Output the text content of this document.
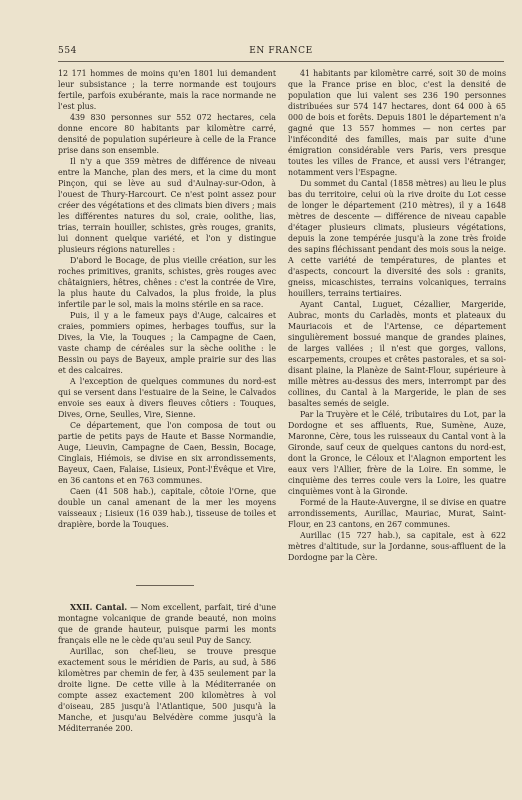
554	EN FRANCE

12 171 hommes de moins qu'en 1801 lui demandent leur subsistance ; la terre normande est toujours fertile, parfois exubérante, mais la race normande ne l'est plus.

439 830 personnes sur 552 072 hectares, cela donne encore 80 habitants par kilomètre carré, densité de population supérieure à celle de la France prise dans son ensemble.

Il n'y a que 359 mètres de différence de niveau entre la Manche, plan des mers, et la cime du mont Pinçon, qui se lève au sud d'Aulnay-sur-Odon, à l'ouest de Thury-Harcourt. Ce n'est point assez pour créer des végétations et des climats bien divers ; mais les différentes natures du sol, craie, oolithe, lias, trias, terrain houiller, schistes, grès rouges, granits, lui donnent quelque variété, et l'on y distingue plusieurs régions naturelles :

D'abord le Bocage, de plus vieille création, sur les roches primitives, granits, schistes, grès rouges avec châtaigniers, hêtres, chênes : c'est la contrée de Vire, la plus haute du Calvados, la plus froide, la plus infertile par le sol, mais la moins stérile en sa race.

Puis, il y a le fameux pays d'Auge, calcaires et craies, pommiers opimes, herbages touffus, sur la Dives, la Vie, la Touques ; la Campagne de Caen, vaste champ de céréales sur la sèche oolithe : le Bessin ou pays de Bayeux, ample prairie sur des lias et des calcaires.

A l'exception de quelques communes du nord-est qui se versent dans l'estuaire de la Seine, le Calvados envoie ses eaux à divers fleuves côtiers : Touques, Dives, Orne, Seulles, Vire, Sienne.

Ce département, que l'on composa de tout ou partie de petits pays de Haute et Basse Normandie, Auge, Lieuvin, Campagne de Caen, Bessin, Bocage, Cinglais, Hiémois, se divise en six arrondissements, Bayeux, Caen, Falaise, Lisieux, Pont-l'Évêque et Vire, en 36 cantons et en 763 communes.

Caen (41 508 hab.), capitale, côtoie l'Orne, que double un canal amenant de la mer les moyens vaisseaux ; Lisieux (16 039 hab.), tisseuse de toiles et drapière, borde la Touques.

XXII. Cantal. — Nom excellent, parfait, tiré d'une montagne volcanique de grande beauté, non moins que de grande hauteur, puisque parmi les monts français elle ne le cède qu'au seul Puy de Sancy.

Aurillac, son chef-lieu, se trouve presque exactement sous le méridien de Paris, au sud, à 586 kilomètres par chemin de fer, à 435 seulement par la droite ligne. De cette ville à la Méditerranée on compte assez exactement 200 kilomètres à vol d'oiseau, 285 jusqu'à l'Atlantique, 500 jusqu'à la Manche, et jusqu'au Belvédère comme jusqu'à la Méditerranée 200.

41 habitants par kilomètre carré, soit 30 de moins que la France prise en bloc, c'est la densité de population que lui valent ses 236 190 personnes distribuées sur 574 147 hectares, dont 64 000 à 65 000 de bois et forêts. Depuis 1801 le département n'a gagné que 13 557 hommes — non certes par l'infécondité des familles, mais par suite d'une émigration considérable vers Paris, vers presque toutes les villes de France, et aussi vers l'étranger, notamment vers l'Espagne.

Du sommet du Cantal (1858 mètres) au lieu le plus bas du territoire, celui où la rive droite du Lot cesse de longer le département (210 mètres), il y a 1648 mètres de descente — différence de niveau capable d'étager plusieurs climats, plusieurs végétations, depuis la zone tempérée jusqu'à la zone très froide des sapins fléchissant pendant des mois sous la neige. A cette variété de températures, de plantes et d'aspects, concourt la diversité des sols : granits, gneiss, micaschistes, terrains volcaniques, terrains houillers, terrains tertiaires.

Ayant Cantal, Luguet, Cézallier, Margeride, Aubrac, monts du Carladès, monts et plateaux du Mauriacois et de l'Artense, ce département singulièrement bossué manque de grandes plaines, de larges vallées ; il n'est que gorges, vallons, escarpements, croupes et crêtes pastorales, et sa soi-disant plaine, la Planèze de Saint-Flour, supérieure à mille mètres au-dessus des mers, interrompt par des collines, du Cantal à la Margeride, le plan de ses basaltes semés de seigle.

Par la Truyère et le Célé, tributaires du Lot, par la Dordogne et ses affluents, Rue, Sumène, Auze, Maronne, Cère, tous les ruisseaux du Cantal vont à la Gironde, sauf ceux de quelques cantons du nord-est, dont la Gronce, le Céloux et l'Alagnon emportent les eaux vers l'Allier, frère de la Loire. En somme, le cinquième des terres coule vers la Loire, les quatre cinquièmes vont à la Gironde.

Formé de la Haute-Auvergne, il se divise en quatre arrondissements, Aurillac, Mauriac, Murat, Saint-Flour, en 23 cantons, en 267 communes.

Aurillac (15 727 hab.), sa capitale, est à 622 mètres d'altitude, sur la Jordanne, sous-affluent de la Dordogne par la Cère.
